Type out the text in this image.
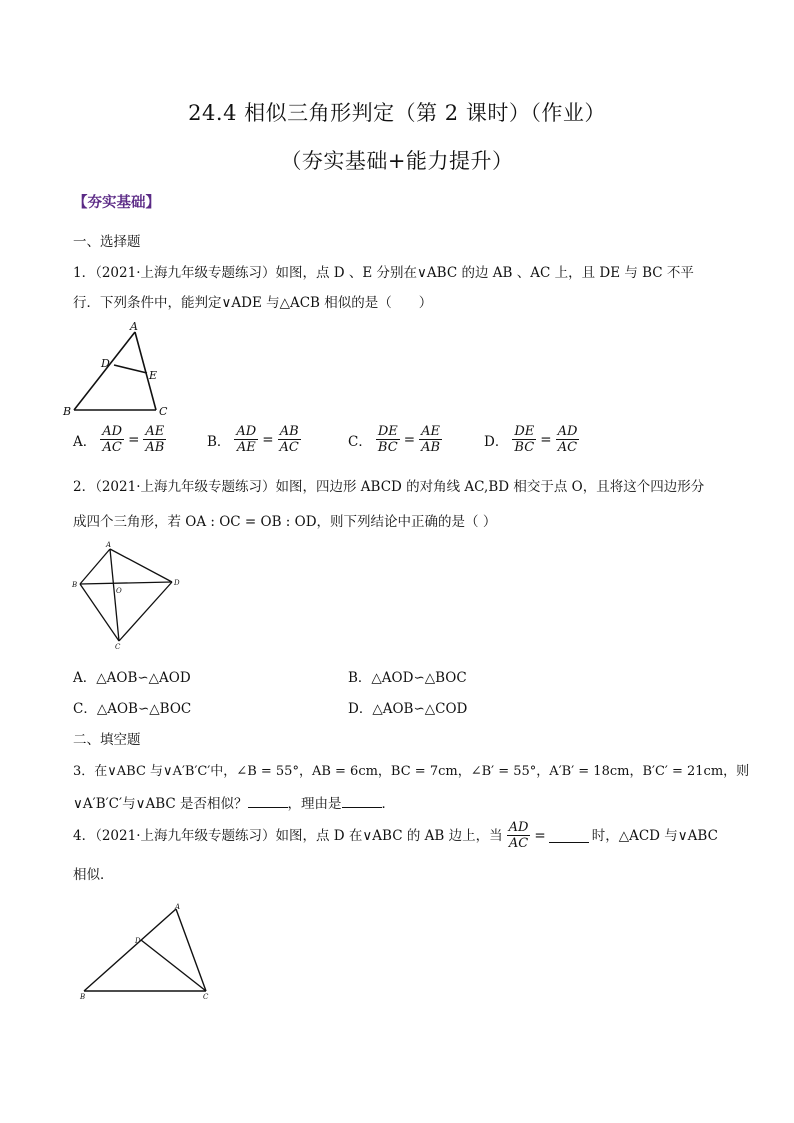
24.4 相似三角形判定（第 2 课时）（作业）
（夯实基础+能力提升）
【夯实基础】
一、选择题
1．（2021·上海九年级专题练习）如图，点 D 、E 分别在∨ABC 的边 AB 、AC 上，且 DE 与 BC 不平
行．下列条件中，能判定∨ADE 与△ACB 相似的是（　　）
A
B	C
D
E
A． $\frac{AD}{AC} = \frac{AE}{AB}$	B． $\frac{AD}{AE} = \frac{AB}{AC}$	C． $\frac{DE}{BC} = \frac{AE}{AB}$	D． $\frac{DE}{BC} = \frac{AD}{AC}$
2．（2021·上海九年级专题练习）如图，四边形 ABCD 的对角线 AC,BD 相交于点 O，且将这个四边形分
成四个三角形，若 OA : OC = OB : OD，则下列结论中正确的是（ ）
A
B
C
D
O
A．△AOB∽△AOD	B．△AOD∽△BOC
C．△AOB∽△BOC	D．△AOB∽△COD
二、填空题
3．在∨ABC 与∨A′B′C′中，∠B = 55°，AB = 6cm，BC = 7cm，∠B′ = 55°，A′B′ = 18cm，B′C′ = 21cm，则
∨A′B′C′与∨ABC 是否相似？	，理由是	．
4．（2021·上海九年级专题练习）如图，点 D 在∨ABC 的 AB 边上，当 $\frac{AD}{AC}$ =	时，△ACD 与∨ABC
相似．
A
B	C
D
